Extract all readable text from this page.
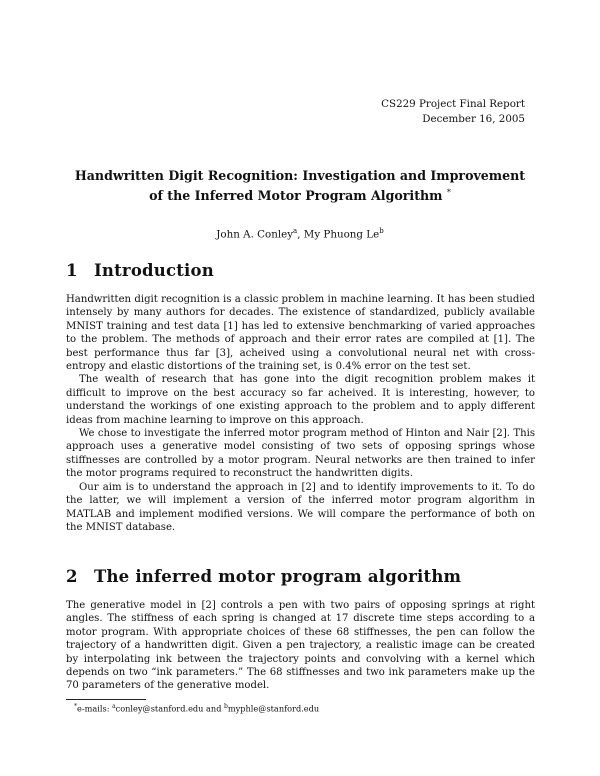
CS229 Project Final Report
December 16, 2005
Handwritten Digit Recognition: Investigation and Improvement
of the Inferred Motor Program Algorithm *
John A. Conley$^a$, My Phuong Le$^b$
1 Introduction

Handwritten digit recognition is a classic problem in machine learning. It has been studied intensely by many authors for decades. The existence of standardized, publicly available MNIST training and test data [1] has led to extensive benchmarking of varied approaches to the problem. The methods of approach and their error rates are compiled at [1]. The best performance thus far [3], acheived using a convolutional neural net with cross-entropy and elastic distortions of the training set, is 0.4% error on the test set.

The wealth of research that has gone into the digit recognition problem makes it difficult to improve on the best accuracy so far acheived. It is interesting, however, to understand the workings of one existing approach to the problem and to apply different ideas from machine learning to improve on this approach.

We chose to investigate the inferred motor program method of Hinton and Nair [2]. This approach uses a generative model consisting of two sets of opposing springs whose stiffnesses are controlled by a motor program. Neural networks are then trained to infer the motor programs required to reconstruct the handwritten digits.

Our aim is to understand the approach in [2] and to identify improvements to it. To do the latter, we will implement a version of the inferred motor program algorithm in MATLAB and implement modified versions. We will compare the performance of both on the MNIST database.

2 The inferred motor program algorithm

The generative model in [2] controls a pen with two pairs of opposing springs at right angles. The stiffness of each spring is changed at 17 discrete time steps according to a motor program. With appropriate choices of these 68 stiffnesses, the pen can follow the trajectory of a handwritten digit. Given a pen trajectory, a realistic image can be created by interpolating ink between the trajectory points and convolving with a kernel which depends on two “ink parameters.” The 68 stiffnesses and two ink parameters make up the 70 parameters of the generative model.

*e-mails: $^a$conley@stanford.edu and $^b$myphle@stanford.edu
